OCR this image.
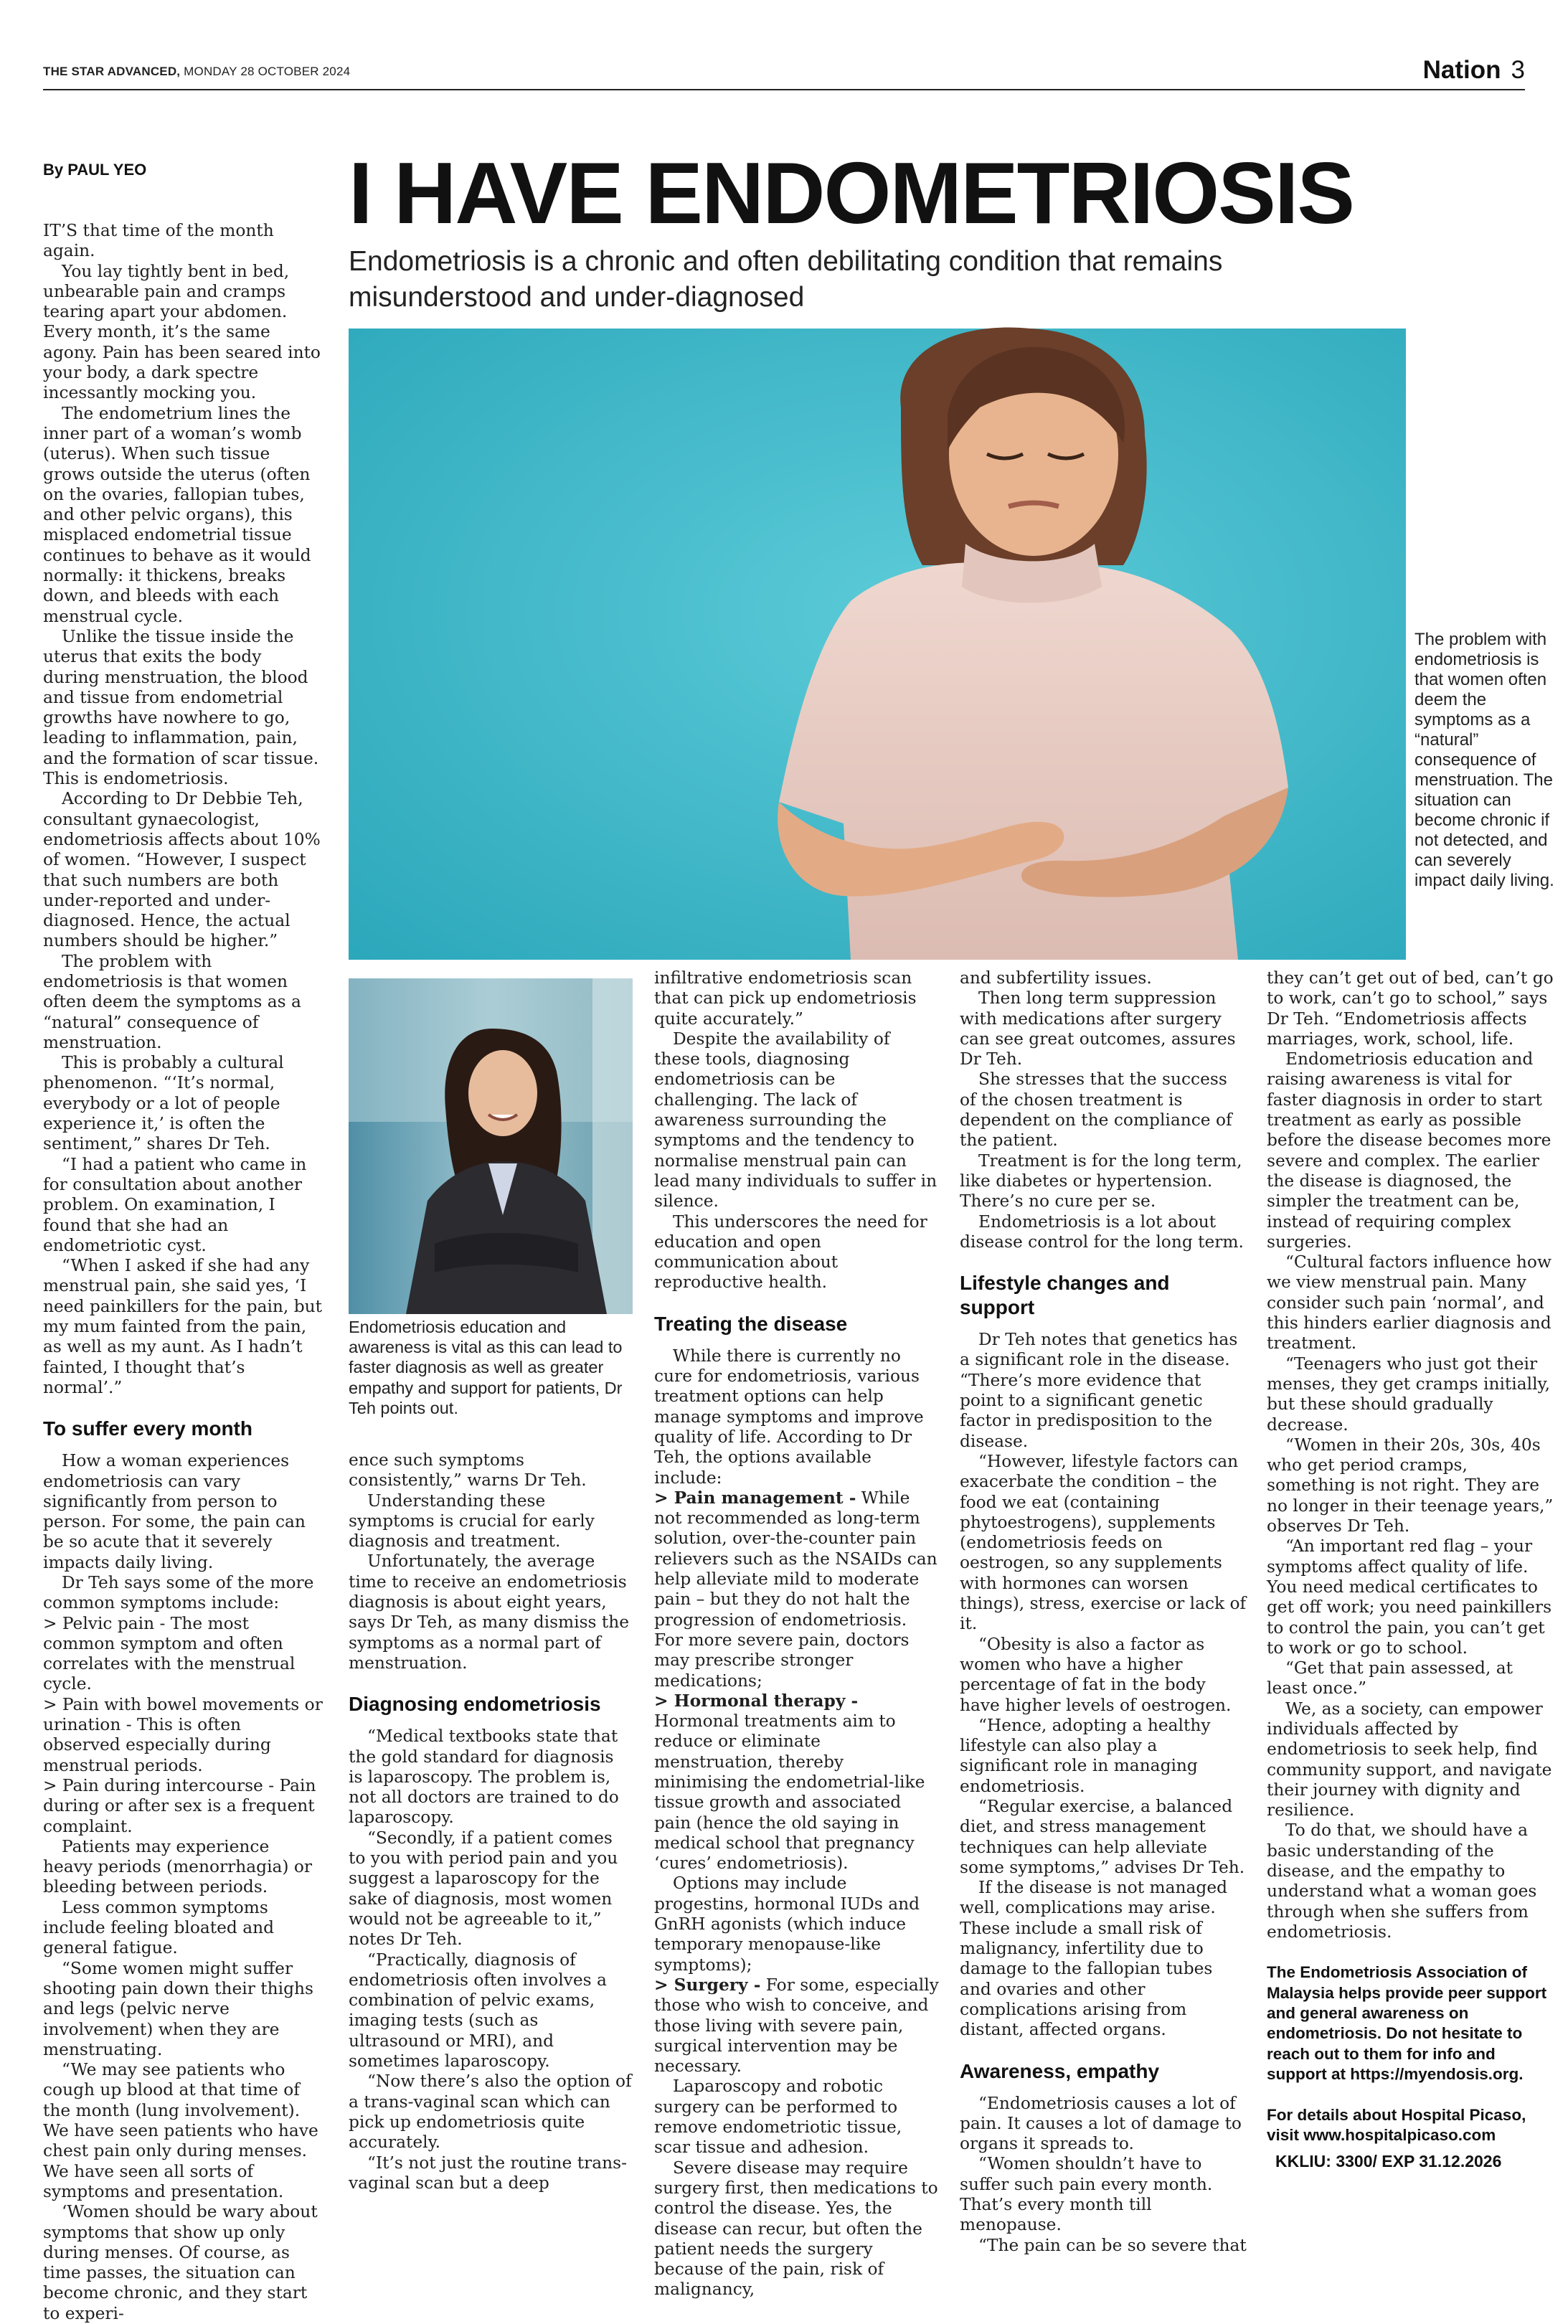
THE STAR ADVANCED, MONDAY 28 OCTOBER 2024	Nation 3
By PAUL YEO I HAVE ENDOMETRIOSIS
Endometriosis is a chronic and often debilitating condition that remains misunderstood and under-diagnosed
The problem with endometriosis is that women often deem the symptoms as a “natural” consequence of menstruation. The situation can become chronic if not detected, and can severely impact daily living.
Endometriosis education and awareness is vital as this can lead to faster diagnosis as well as greater empathy and support for patients, Dr Teh points out.

IT’S that time of the month again.

You lay tightly bent in bed, unbearable pain and cramps tearing apart your abdomen. Every month, it’s the same agony. Pain has been seared into your body, a dark spectre incessantly mocking you.

The endometrium lines the inner part of a woman’s womb (uterus). When such tissue grows outside the uterus (often on the ovaries, fallopian tubes, and other pelvic organs), this misplaced endometrial tissue continues to behave as it would normally: it thickens, breaks down, and bleeds with each menstrual cycle.

Unlike the tissue inside the uterus that exits the body during menstruation, the blood and tissue from endometrial growths have nowhere to go, leading to inflammation, pain, and the formation of scar tissue. This is endometriosis.

According to Dr Debbie Teh, consultant gynaecologist, endometriosis affects about 10% of women. “However, I suspect that such numbers are both under-reported and under-diagnosed. Hence, the actual numbers should be higher.”

The problem with endometriosis is that women often deem the symptoms as a “natural” consequence of menstruation.

This is probably a cultural phenomenon. “‘It’s normal, everybody or a lot of people experience it,’ is often the sentiment,” shares Dr Teh.

“I had a patient who came in for consultation about another problem. On examination, I found that she had an endometriotic cyst.

“When I asked if she had any menstrual pain, she said yes, ‘I need painkillers for the pain, but my mum fainted from the pain, as well as my aunt. As I hadn’t fainted, I thought that’s normal’.”

To suffer every month

How a woman experiences endometriosis can vary significantly from person to person. For some, the pain can be so acute that it severely impacts daily living.

Dr Teh says some of the more common symptoms include:

> Pelvic pain - The most common symptom and often correlates with the menstrual cycle.

> Pain with bowel movements or urination - This is often observed especially during menstrual periods.

> Pain during intercourse - Pain during or after sex is a frequent complaint.

Patients may experience heavy periods (menorrhagia) or bleeding between periods.

Less common symptoms include feeling bloated and general fatigue.

“Some women might suffer shooting pain down their thighs and legs (pelvic nerve involvement) when they are menstruating.

“We may see patients who cough up blood at that time of the month (lung involvement). We have seen patients who have chest pain only during menses. We have seen all sorts of symptoms and presentation.

‘Women should be wary about symptoms that show up only during menses. Of course, as time passes, the situation can become chronic, and they start to experi-

ence such symptoms consistently,” warns Dr Teh.

Understanding these symptoms is crucial for early diagnosis and treatment.

Unfortunately, the average time to receive an endometriosis diagnosis is about eight years, says Dr Teh, as many dismiss the symptoms as a normal part of menstruation.

Diagnosing endometriosis

“Medical textbooks state that the gold standard for diagnosis is laparoscopy. The problem is, not all doctors are trained to do laparoscopy.

“Secondly, if a patient comes to you with period pain and you suggest a laparoscopy for the sake of diagnosis, most women would not be agreeable to it,” notes Dr Teh.

“Practically, diagnosis of endometriosis often involves a combination of pelvic exams, imaging tests (such as ultrasound or MRI), and sometimes laparoscopy.

“Now there’s also the option of a trans-vaginal scan which can pick up endometriosis quite accurately.

“It’s not just the routine trans-vaginal scan but a deep

infiltrative endometriosis scan that can pick up endometriosis quite accurately.”

Despite the availability of these tools, diagnosing endometriosis can be challenging. The lack of awareness surrounding the symptoms and the tendency to normalise menstrual pain can lead many individuals to suffer in silence.

This underscores the need for education and open communication about reproductive health.

Treating the disease

While there is currently no cure for endometriosis, various treatment options can help manage symptoms and improve quality of life. According to Dr Teh, the options available include:

> Pain management - While not recommended as long-term solution, over-the-counter pain relievers such as the NSAIDs can help alleviate mild to moderate pain – but they do not halt the progression of endometriosis. For more severe pain, doctors may prescribe stronger medications;

> Hormonal therapy - Hormonal treatments aim to reduce or eliminate menstruation, thereby minimising the endometrial-like tissue growth and associated pain (hence the old saying in medical school that pregnancy ‘cures’ endometriosis).

Options may include progestins, hormonal IUDs and GnRH agonists (which induce temporary menopause-like symptoms);

> Surgery - For some, especially those who wish to conceive, and those living with severe pain, surgical intervention may be necessary.

Laparoscopy and robotic surgery can be performed to remove endometriotic tissue, scar tissue and adhesion.

Severe disease may require surgery first, then medications to control the disease. Yes, the disease can recur, but often the patient needs the surgery because of the pain, risk of malignancy,

and subfertility issues.

Then long term suppression with medications after surgery can see great outcomes, assures Dr Teh.

She stresses that the success of the chosen treatment is dependent on the compliance of the patient.

Treatment is for the long term, like diabetes or hypertension. There’s no cure per se.

Endometriosis is a lot about disease control for the long term.

Lifestyle changes and support

Dr Teh notes that genetics has a significant role in the disease. “There’s more evidence that point to a significant genetic factor in predisposition to the disease.

“However, lifestyle factors can exacerbate the condition – the food we eat (containing phytoestrogens), supplements (endometriosis feeds on oestrogen, so any supplements with hormones can worsen things), stress, exercise or lack of it.

“Obesity is also a factor as women who have a higher percentage of fat in the body have higher levels of oestrogen.

“Hence, adopting a healthy lifestyle can also play a significant role in managing endometriosis.

“Regular exercise, a balanced diet, and stress management techniques can help alleviate some symptoms,” advises Dr Teh.

If the disease is not managed well, complications may arise. These include a small risk of malignancy, infertility due to damage to the fallopian tubes and ovaries and other complications arising from distant, affected organs.

Awareness, empathy

“Endometriosis causes a lot of pain. It causes a lot of damage to organs it spreads to.

“Women shouldn’t have to suffer such pain every month. That’s every month till menopause.

“The pain can be so severe that

they can’t get out of bed, can’t go to work, can’t go to school,” says Dr Teh. “Endometriosis affects marriages, work, school, life.

Endometriosis education and raising awareness is vital for faster diagnosis in order to start treatment as early as possible before the disease becomes more severe and complex. The earlier the disease is diagnosed, the simpler the treatment can be, instead of requiring complex surgeries.

“Cultural factors influence how we view menstrual pain. Many consider such pain ‘normal’, and this hinders earlier diagnosis and treatment.

“Teenagers who just got their menses, they get cramps initially, but these should gradually decrease.

“Women in their 20s, 30s, 40s who get period cramps, something is not right. They are no longer in their teenage years,” observes Dr Teh.

“An important red flag – your symptoms affect quality of life. You need medical certificates to get off work; you need painkillers to control the pain, you can’t get to work or go to school.

“Get that pain assessed, at least once.”

We, as a society, can empower individuals affected by endometriosis to seek help, find community support, and navigate their journey with dignity and resilience.

To do that, we should have a basic understanding of the disease, and the empathy to understand what a woman goes through when she suffers from endometriosis.

The Endometriosis Association of Malaysia helps provide peer support and general awareness on endometriosis. Do not hesitate to reach out to them for info and support at https://myendosis.org.

For details about Hospital Picaso, visit www.hospitalpicaso.com

KKLIU: 3300/ EXP 31.12.2026
